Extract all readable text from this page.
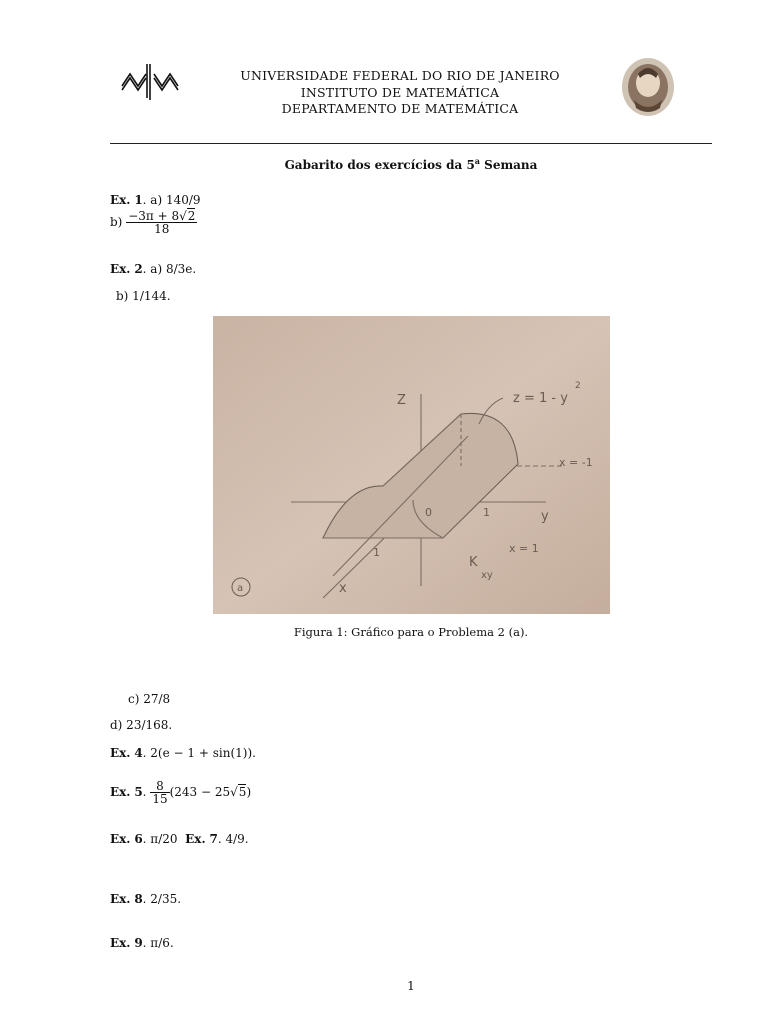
UNIVERSIDADE FEDERAL DO RIO DE JANEIRO
INSTITUTO DE MATEMÁTICA
DEPARTAMENTO DE MATEMÁTICA
Gabarito dos exercícios da 5$^a$ Semana
Ex. 1. a) 140/9
$b) \frac{-3\pi + 8√2}{18}$
Ex. 2. a) 8/3e.
b) 1/144.
Z	z = 1 - y
2
x = -1
x = 1
y
x
1
1
0
K
xy
a
Figura 1: Gráfico para o Problema 2 (a).
c) 27/8
d) 23/168.
Ex. 4. 2(e − 1 + sin(1)).
Ex. 5. $\frac{8}{15} (243 - 25√5)$
Ex. 6. π/20 Ex. 7. 4/9.
Ex. 8. 2/35.
Ex. 9. π/6.
1
